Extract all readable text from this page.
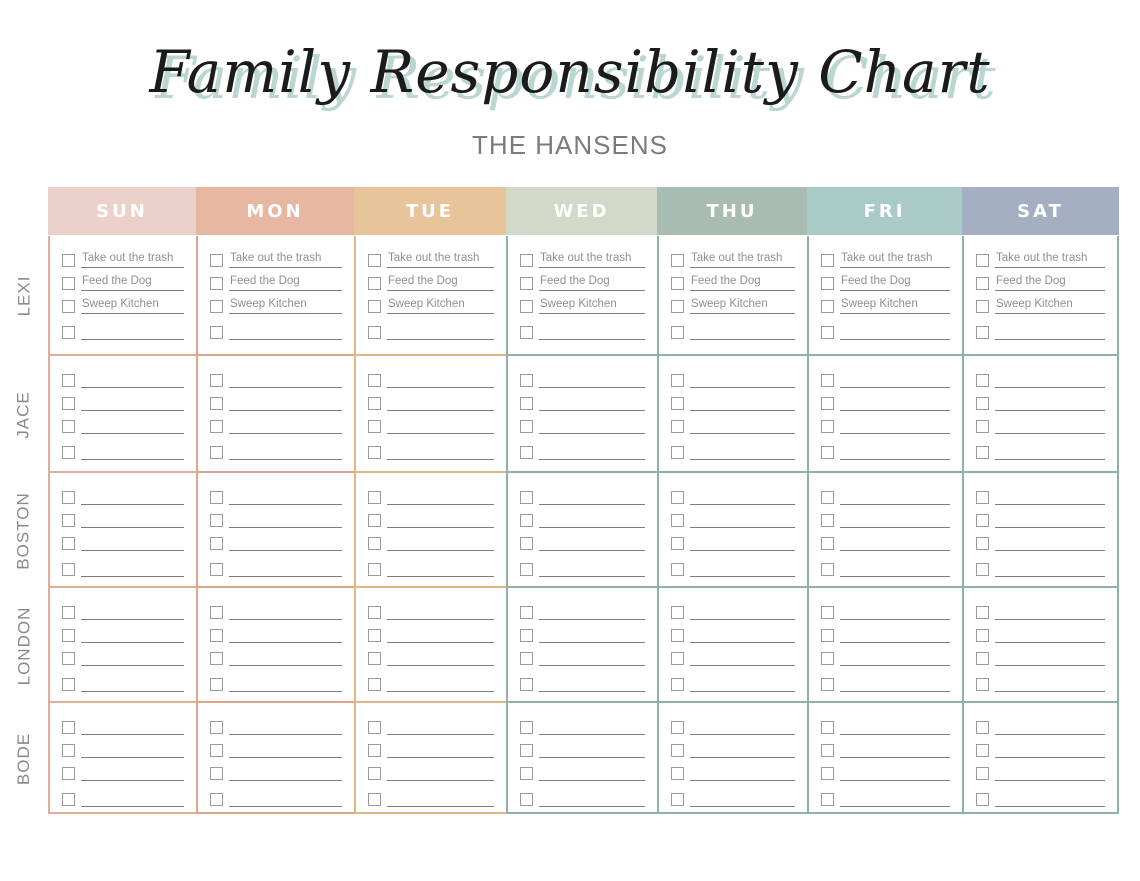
Family Responsibility Chart
THE HANSENS
LEXI
JACE
BOSTON
LONDON
BODE
SUN
Take out the trash
Feed the Dog
Sweep Kitchen
MON
Take out the trash
Feed the Dog
Sweep Kitchen
TUE
Take out the trash
Feed the Dog
Sweep Kitchen
WED
Take out the trash
Feed the Dog
Sweep Kitchen
THU
Take out the trash
Feed the Dog
Sweep Kitchen
FRI
Take out the trash
Feed the Dog
Sweep Kitchen
SAT
Take out the trash
Feed the Dog
Sweep Kitchen
